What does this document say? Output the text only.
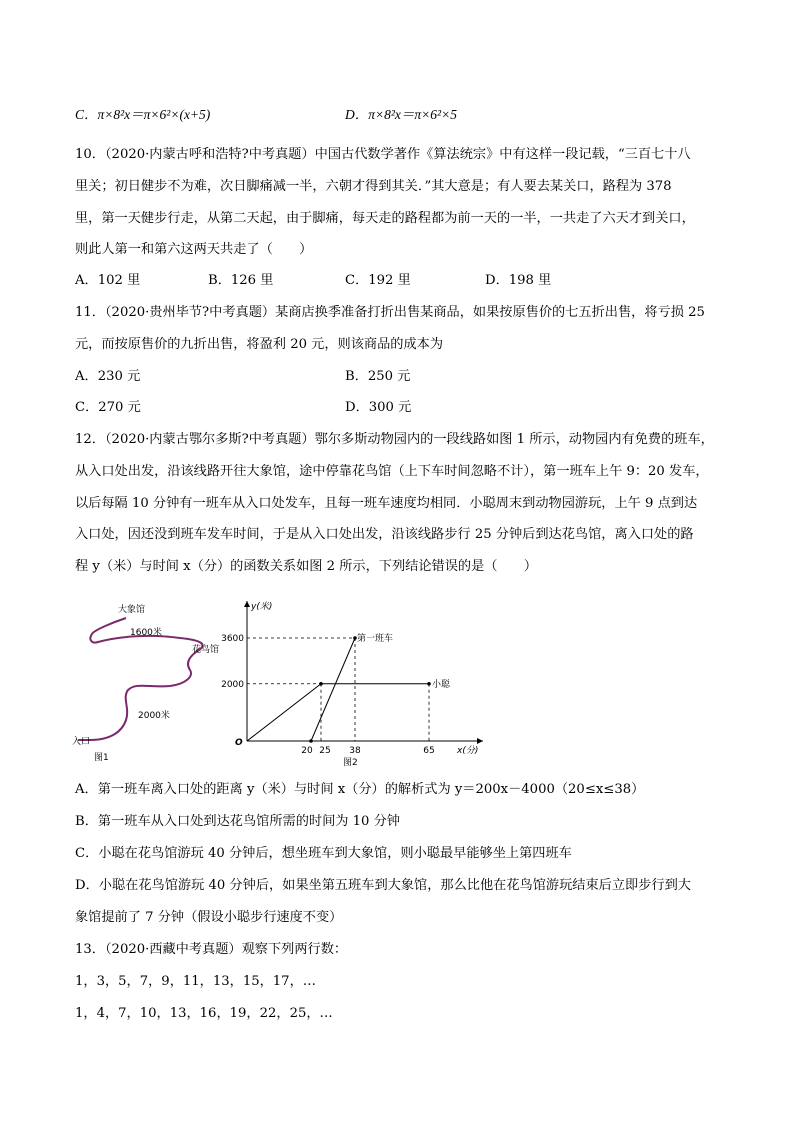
C．π×8²x＝π×6²×(x+5)	D．π×8²x＝π×6²×5
10．（2020·内蒙古呼和浩特?中考真题）中国古代数学著作《算法统宗》中有这样一段记载，“三百七十八
里关；初日健步不为难，次日脚痛减一半，六朝才得到其关．”其大意是；有人要去某关口，路程为 378
里，第一天健步行走，从第二天起，由于脚痛，每天走的路程都为前一天的一半，一共走了六天才到关口，
则此人第一和第六这两天共走了（　　）
A．102 里	B．126 里	C．192 里	D．198 里
11．（2020·贵州毕节?中考真题）某商店换季准备打折出售某商品，如果按原售价的七五折出售，将亏损 25
元，而按原售价的九折出售，将盈利 20 元，则该商品的成本为
A．230 元	B．250 元
C．270 元	D．300 元
12．（2020·内蒙古鄂尔多斯?中考真题）鄂尔多斯动物园内的一段线路如图 1 所示，动物园内有免费的班车，
从入口处出发，沿该线路开往大象馆，途中停靠花鸟馆（上下车时间忽略不计），第一班车上午 9：20 发车，
以后每隔 10 分钟有一班车从入口处发车，且每一班车速度均相同．小聪周末到动物园游玩，上午 9 点到达
入口处，因还没到班车发车时间，于是从入口处出发，沿该线路步行 25 分钟后到达花鸟馆，离入口处的路
程 y（米）与时间 x（分）的函数关系如图 2 所示，下列结论错误的是（　　）
大象馆
1600米
花鸟馆
2000米
入口
图1
y(米)
x(分)
O
第一班车
小聪
3600
2000
20 25 38	65
图2
A．第一班车离入口处的距离 y（米）与时间 x（分）的解析式为 y＝200x－4000（20≤x≤38）
B．第一班车从入口处到达花鸟馆所需的时间为 10 分钟
C．小聪在花鸟馆游玩 40 分钟后，想坐班车到大象馆，则小聪最早能够坐上第四班车
D．小聪在花鸟馆游玩 40 分钟后，如果坐第五班车到大象馆，那么比他在花鸟馆游玩结束后立即步行到大
象馆提前了 7 分钟（假设小聪步行速度不变）
13．（2020·西藏中考真题）观察下列两行数：
1，3，5，7，9，11，13，15，17，…
1，4，7，10，13，16，19，22，25，…
